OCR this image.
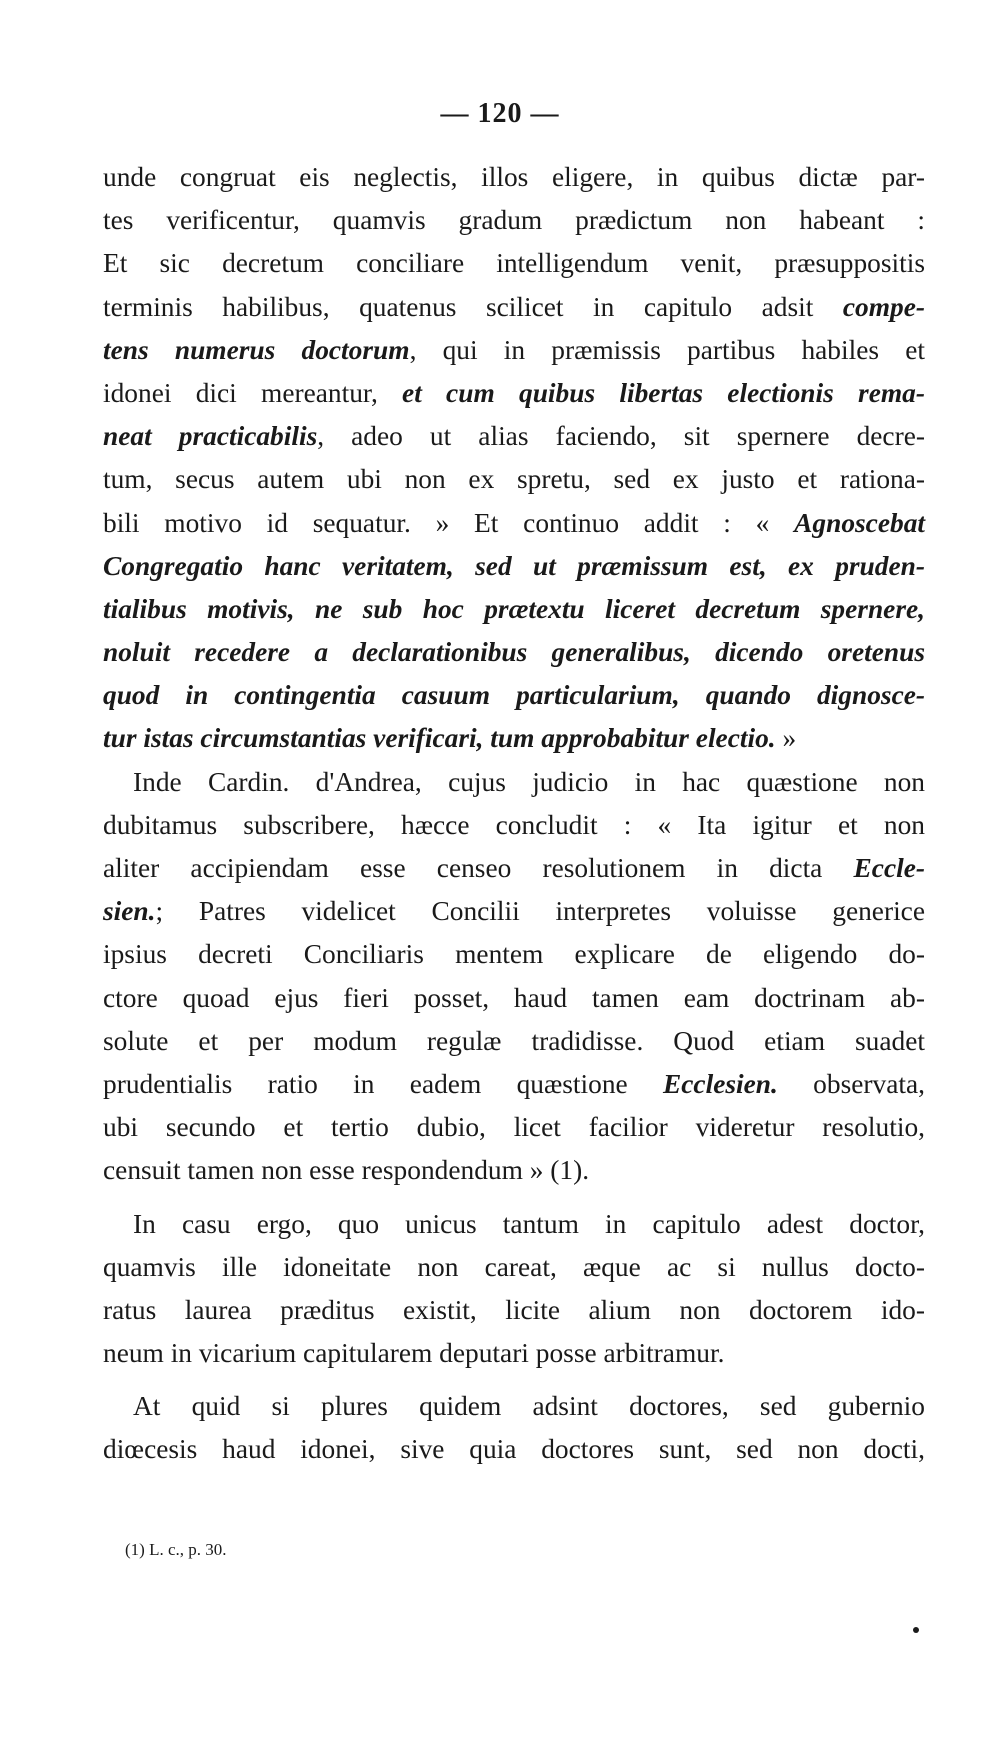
— 120 —
unde congruat eis neglectis, illos eligere, in quibus dictæ par-
tes verificentur, quamvis gradum prædictum non habeant :
Et sic decretum conciliare intelligendum venit, præsuppositis
terminis habilibus, quatenus scilicet in capitulo adsit compe-
tens numerus doctorum, qui in præmissis partibus habiles et
idonei dici mereantur, et cum quibus libertas electionis rema-
neat practicabilis, adeo ut alias faciendo, sit spernere decre-
tum, secus autem ubi non ex spretu, sed ex justo et rationa-
bili motivo id sequatur. » Et continuo addit : « Agnoscebat
Congregatio hanc veritatem, sed ut præmissum est, ex pruden-
tialibus motivis, ne sub hoc prætextu liceret decretum spernere,
noluit recedere a declarationibus generalibus, dicendo oretenus
quod in contingentia casuum particularium, quando dignosce-
tur istas circumstantias verificari, tum approbabitur electio. »
Inde Cardin. d'Andrea, cujus judicio in hac quæstione non
dubitamus subscribere, hæcce concludit : « Ita igitur et non
aliter accipiendam esse censeo resolutionem in dicta Eccle-
sien.; Patres videlicet Concilii interpretes voluisse generice
ipsius decreti Conciliaris mentem explicare de eligendo do-
ctore quoad ejus fieri posset, haud tamen eam doctrinam ab-
solute et per modum regulæ tradidisse. Quod etiam suadet
prudentialis ratio in eadem quæstione Ecclesien. observata,
ubi secundo et tertio dubio, licet facilior videretur resolutio,
censuit tamen non esse respondendum » (1).
In casu ergo, quo unicus tantum in capitulo adest doctor,
quamvis ille idoneitate non careat, æque ac si nullus docto-
ratus laurea præditus existit, licite alium non doctorem ido-
neum in vicarium capitularem deputari posse arbitramur.
At quid si plures quidem adsint doctores, sed gubernio
diœcesis haud idonei, sive quia doctores sunt, sed non docti,
(1) L. c., p. 30.
